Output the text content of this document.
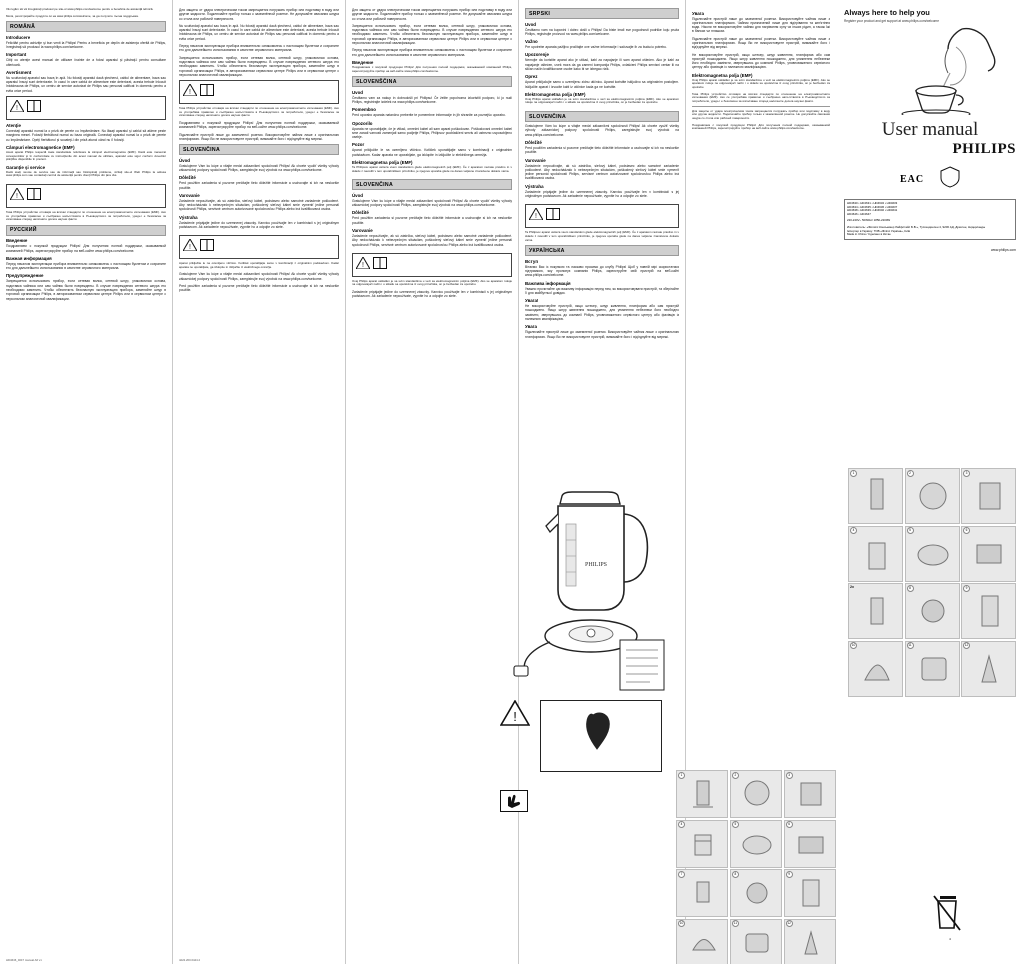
Vă rugăm să vă înregistraţi produsul pe site-ul www.philips.com/welcome pentru a beneficia de asistenţă tehnică.

Моля, регистрирайте продукта си на www.philips.com/welcome, за да получите пълна поддръжка.

ROMÂNĂ
Introducere

Felicitări pentru achiziţie şi bun venit la Philips! Pentru a beneficia pe deplin de asistenţa oferită de Philips, înregistraţi-vă produsul la www.philips.com/welcome.

Important

Citiţi cu atenţie acest manual de utilizare înainte de a folosi aparatul şi păstraţi-l pentru consultare ulterioară.

Avertisment

Nu scufundaţi aparatul sau baza în apă. Nu folosiţi aparatul dacă ştecherul, cablul de alimentare, baza sau aparatul însuşi sunt deteriorate. În cazul în care cablul de alimentare este deteriorat, acesta trebuie înlocuit întotdeauna de Philips, un centru de service autorizat de Philips sau personal calificat în domeniu pentru a evita orice pericol.

!
Atenţie

Conectaţi aparatul numai la o priză de perete cu împământare. Nu lăsaţi aparatul şi cablul să atârne peste marginea mesei. Folosiţi fierbătorul numai cu baza originală. Conectaţi aparatul numai la o priză de perete cu împământare. Opriţi fierbătorul şi scoateţi-l din priză atunci când nu îl folosiţi.

Câmpuri electromagnetice (EMF)

Acest aparat Philips respectă toate standardele referitoare la câmpuri electromagnetice (EMF). Dacă este manevrat corespunzător şi în conformitate cu instrucţiunile din acest manual de utilizare, aparatul este sigur conform dovezilor ştiinţifice disponibile în prezent.

Garanţie şi service

Dacă aveţi nevoie de service sau de informaţii sau întâmpinaţi probleme, vizitaţi site-ul Web Philips la adresa www.philips.com sau contactaţi centrul de asistenţă pentru clienţi Philips din ţara dvs.

!

Това Philips устройство отговаря на всички стандарти по отношение на електромагнитните излъчвания (EMF). Ако се употребява правилно и съобразно напътствията в Ръководството за потребителя, уредът е безопасен за използване според наличните досега научни факти.

РУССКИЙ
Введение

Поздравляем с покупкой продукции Philips! Для получения полной поддержки, оказываемой компанией Philips, зарегистрируйте прибор на веб-сайте www.philips.com/welcome.

Важная информация

Перед началом эксплуатации прибора внимательно ознакомьтесь с настоящим буклетом и сохраните его для дальнейшего использования в качестве справочного материала.

Предупреждение

Запрещается использовать прибор, если сетевая вилка, сетевой шнур, упаковочная основа, подставка чайника или сам чайник были повреждены. В случае повреждения сетевого шнура его необходимо заменить. Чтобы обеспечить безопасную эксплуатацию прибора, заменяйте шнур в торговой организации Philips, в авторизованном сервисном центре Philips или в сервисном центре с персоналом аналогичной квалификации.

HD4646_4647 manual A6 v1

Для защиты от удара электрическим током запрещается погружать прибор или подставку в воду или другие жидкости. Подключайте прибор только к заземлённой розетке. Не допускайте свисания шнура со стола или рабочей поверхности.

Nu scufundaţi aparatul sau baza în apă. Nu folosiţi aparatul dacă ştecherul, cablul de alimentare, baza sau aparatul însuşi sunt deteriorate. În cazul în care cablul de alimentare este deteriorat, acesta trebuie înlocuit întotdeauna de Philips, un centru de service autorizat de Philips sau personal calificat în domeniu pentru a evita orice pericol.

Перед началом эксплуатации прибора внимательно ознакомьтесь с настоящим буклетом и сохраните его для дальнейшего использования в качестве справочного материала.

Запрещается использовать прибор, если сетевая вилка, сетевой шнур, упаковочная основа, подставка чайника или сам чайник были повреждены. В случае повреждения сетевого шнура его необходимо заменить. Чтобы обеспечить безопасную эксплуатацию прибора, заменяйте шнур в торговой организации Philips, в авторизованном сервисном центре Philips или в сервисном центре с персоналом аналогичной квалификации.

!

Това Philips устройство отговаря на всички стандарти по отношение на електромагнитните излъчвания (EMF). Ако се употребява правилно и съобразно напътствията в Ръководството за потребителя, уредът е безопасен за използване според наличните досега научни факти.

Поздравляем с покупкой продукции Philips! Для получения полной поддержки, оказываемой компанией Philips, зарегистрируйте прибор на веб-сайте www.philips.com/welcome.

Підключайте пристрій лише до заземленої розетки. Використовуйте чайник лише з оригінальною платформою. Якщо Ви не використовуєте пристрій, вимикайте його і від'єднуйте від мережі.

SLOVENČINA
Úvod

Gratulujeme Vám ku kúpe a vitajte medzi zákazníkmi spoločnosti Philips! Ak chcete využiť všetky výhody zákazníckej podpory spoločnosti Philips, zaregistrujte svoj výrobok na www.philips.com/welcome.

Dôležité

Pred použitím zariadenia si pozorne prečítajte tieto dôležité informácie a uschovajte si ich na neskoršie použitie.

Varovanie

Zariadenie nepoužívajte, ak sú zástrčka, sieťový kábel, podstavec alebo samotné zariadenie poškodené. Aby nedochádzalo k nebezpečným situáciám, poškodený sieťový kábel smie vymeniť jedine personál spoločnosti Philips, servisné centrum autorizované spoločnosťou Philips alebo iná kvalifikovaná osoba.

Výstraha

Zariadenie pripájajte jedine do uzemnenej zásuvky. Kanvicu používajte len v kombinácii s jej originálnym podstavcom. Ak zariadenie nepoužívate, vypnite ho a odpojte zo siete.

!

Aparat priključite le na ozemljeno vtičnico. Kotliček uporabljajte samo v kombinaciji z originalnim podstavkom. Kadar aparata ne uporabljate, ga izklopite in izključite iz električnega omrežja.

Gratulujeme Vám ku kúpe a vitajte medzi zákazníkmi spoločnosti Philips! Ak chcete využiť všetky výhody zákazníckej podpory spoločnosti Philips, zaregistrujte svoj výrobok na www.philips.com/welcome.

Pred použitím zariadenia si pozorne prečítajte tieto dôležité informácie a uschovajte si ich na neskoršie použitie.

4222.200.0444.2

Для защиты от удара электрическим током запрещается погружать прибор или подставку в воду или другие жидкости. Подключайте прибор только к заземлённой розетке. Не допускайте свисания шнура со стола или рабочей поверхности.

Запрещается использовать прибор, если сетевая вилка, сетевой шнур, упаковочная основа, подставка чайника или сам чайник были повреждены. В случае повреждения сетевого шнура его необходимо заменить. Чтобы обеспечить безопасную эксплуатацию прибора, заменяйте шнур в торговой организации Philips, в авторизованном сервисном центре Philips или в сервисном центре с персоналом аналогичной квалификации.

Перед началом эксплуатации прибора внимательно ознакомьтесь с настоящим буклетом и сохраните его для дальнейшего использования в качестве справочного материала.

Введение

Поздравляем с покупкой продукции Philips! Для получения полной поддержки, оказываемой компанией Philips, зарегистрируйте прибор на веб-сайте www.philips.com/welcome.

SLOVENŠČINA
Uvod

Čestitamo vam za nakup in dobrodošli pri Philipsu! Če želite popolnoma izkoristiti podporo, ki jo nudi Philips, registrirajte izdelek na www.philips.com/welcome.

Pomembno

Pred uporabo aparata natančno preberite te pomembne informacije in jih shranite za poznejšo uporabo.

Opozorilo

Aparata ne uporabljajte, če je vtikač, omrežni kabel ali sam aparat poškodovan. Poškodovani omrežni kabel sme zaradi varnosti zamenjati samo podjetje Philips, Philipsov pooblaščeni servis ali ustrezno usposobljeno osebje.

Pozor

Aparat priključite le na ozemljeno vtičnico. Kotliček uporabljajte samo v kombinaciji z originalnim podstavkom. Kadar aparata ne uporabljate, ga izklopite in izključite iz električnega omrežja.

Elektromagnetna polja (EMF)

Ta Philipsov aparat ustreza vsem standardom glede elektromagnetnih polj (EMF). Če z aparatom ravnate pravilno in v skladu z navodili v tem uporabniškem priročniku, je njegova uporaba glede na danes veljavne znanstvene dokaze varna.

SLOVENČINA
Úvod

Gratulujeme Vám ku kúpe a vitajte medzi zákazníkmi spoločnosti Philips! Ak chcete využiť všetky výhody zákazníckej podpory spoločnosti Philips, zaregistrujte svoj výrobok na www.philips.com/welcome.

Dôležité

Pred použitím zariadenia si pozorne prečítajte tieto dôležité informácie a uschovajte si ich na neskoršie použitie.

Varovanie

Zariadenie nepoužívajte, ak sú zástrčka, sieťový kábel, podstavec alebo samotné zariadenie poškodené. Aby nedochádzalo k nebezpečným situáciám, poškodený sieťový kábel smie vymeniť jedine personál spoločnosti Philips, servisné centrum autorizované spoločnosťou Philips alebo iná kvalifikovaná osoba.

!

Ovaj Philips aparat usklađen je sa svim standardima u vezi sa elektromagnetnim poljima (EMF). Ako se aparatom rukuje na odgovarajući način i u skladu sa uputstvima iz ovog priručnika, on je bezbedan za upotrebu.

Zariadenie pripájajte jedine do uzemnenej zásuvky. Kanvicu používajte len v kombinácii s jej originálnym podstavcom. Ak zariadenie nepoužívate, vypnite ho a odpojte zo siete.

SRPSKI
Uvod

Čestitamo vam na kupovini i dobro došli u Philips! Da biste imali sve pogodnosti podrške koju pruža Philips, registrujte proizvod na www.philips.com/welcome.

Važno

Pre upotrebe aparata pažljivo pročitajte ove važne informacije i sačuvajte ih za buduću potrebu.

Upozorenje

Nemojte da koristite aparat ako je utikač, kabl za napajanje ili sam aparat oštećen. Ako je kabl za napajanje oštećen, uvek mora da ga zameni kompanija Philips, ovlašćeni Philips servisni centar ili na sličan način kvalifikovane osobe kako bi se izbegao rizik.

Oprez

Aparat priključujte samo u uzemljenu zidnu utičnicu. Aparat koristite isključivo sa originalnim postoljem. Isključite aparat i izvucite kabl iz utičnice kada ga ne koristite.

Elektromagnetna polja (EMF)

Ovaj Philips aparat usklađen je sa svim standardima u vezi sa elektromagnetnim poljima (EMF). Ako se aparatom rukuje na odgovarajući način i u skladu sa uputstvima iz ovog priručnika, on je bezbedan za upotrebu.

SLOVENČINA

Gratulujeme Vám ku kúpe a vitajte medzi zákazníkmi spoločnosti Philips! Ak chcete využiť všetky výhody zákazníckej podpory spoločnosti Philips, zaregistrujte svoj výrobok na www.philips.com/welcome.

Dôležité

Pred použitím zariadenia si pozorne prečítajte tieto dôležité informácie a uschovajte si ich na neskoršie použitie.

Varovanie

Zariadenie nepoužívajte, ak sú zástrčka, sieťový kábel, podstavec alebo samotné zariadenie poškodené. Aby nedochádzalo k nebezpečným situáciám, poškodený sieťový kábel smie vymeniť jedine personál spoločnosti Philips, servisné centrum autorizované spoločnosťou Philips alebo iná kvalifikovaná osoba.

Výstraha

Zariadenie pripájajte jedine do uzemnenej zásuvky. Kanvicu používajte len v kombinácii s jej originálnym podstavcom. Ak zariadenie nepoužívate, vypnite ho a odpojte zo siete.

!

Ta Philipsov aparat ustreza vsem standardom glede elektromagnetnih polj (EMF). Če z aparatom ravnate pravilno in v skladu z navodili v tem uporabniškem priročniku, je njegova uporaba glede na danes veljavne znanstvene dokaze varna.

УКРАЇНСЬКА
Вступ

Вітаємо Вас із покупкою та ласкаво просимо до клубу Philips! Щоб у повній мірі скористатися підтримкою, яку пропонує компанія Philips, зареєструйте свій пристрій на веб-сайті www.philips.com/welcome.

Важлива інформація

Уважно прочитайте цю важливу інформацію перед тим, як використовувати пристрій, та зберігайте її для майбутньої довідки.

Увага!

Не використовуйте пристрій, якщо штекер, шнур живлення, платформа або сам пристрій пошкоджено. Якщо шнур живлення пошкоджено, для уникнення небезпеки його необхідно замінити, звернувшись до компанії Philips, уповноваженого сервісного центру або фахівців із належною кваліфікацією.

Увага

Підключайте пристрій лише до заземленої розетки. Використовуйте чайник лише з оригінальною платформою. Якщо Ви не використовуєте пристрій, вимикайте його і від'єднуйте від мережі.

Увага

Підключайте пристрій лише до заземленої розетки. Використовуйте чайник лише з оригінальною платформою. Чайник призначений лише для підігрівання та кип'ятіння води. Ніколи не використовуйте чайник для нагрівання супу чи інших рідин, а також їжі в банках чи пляшках.

Підключайте пристрій лише до заземленої розетки. Використовуйте чайник лише з оригінальною платформою. Якщо Ви не використовуєте пристрій, вимикайте його і від'єднуйте від мережі.

Не використовуйте пристрій, якщо штекер, шнур живлення, платформа або сам пристрій пошкоджено. Якщо шнур живлення пошкоджено, для уникнення небезпеки його необхідно замінити, звернувшись до компанії Philips, уповноваженого сервісного центру або фахівців із належною кваліфікацією.

Elektromagnetna polja (EMF)

Ovaj Philips aparat usklađen je sa svim standardima u vezi sa elektromagnetnim poljima (EMF). Ako se aparatom rukuje na odgovarajući način i u skladu sa uputstvima iz ovog priručnika, on je bezbedan za upotrebu.

Това Philips устройство отговаря на всички стандарти по отношение на електромагнитните излъчвания (EMF). Ако се употребява правилно и съобразно напътствията в Ръководството за потребителя, уредът е безопасен за използване според наличните досега научни факти.

Для защиты от удара электрическим током запрещается погружать прибор или подставку в воду или другие жидкости. Подключайте прибор только к заземлённой розетке. Не допускайте свисания шнура со стола или рабочей поверхности.

Поздравляем с покупкой продукции Philips! Для получения полной поддержки, оказываемой компанией Philips, зарегистрируйте прибор на веб-сайте www.philips.com/welcome.

Always here to help you
Register your product and get support at www.philips.com/welcome
User manual
PHILIPS
EAC
HD4630 • HD4631 • HD4632 • HD4633
HD4634 • HD4635 • HD4636 • HD4637
HD4638 • HD4639 • HD4640 • HD4641
HD4646 • HD4647
220-240V~ 50/60Hz 1850-2200W
Изготовитель: «Филипс Консьюмер Лайфстайл Б.В.», Туссендиепен 4, 9206 АД, Драхтен, Нидерланды
Імпортер в Україну: ТОВ «Філіпс Україна», Київ
Made in China / Сделано в Китае
www.philips.com
PHILIPS
!
4
1	2	3
4	5	6
7	8	9
10	11	12
1	2	3
4	5	6
2x	8	9
10	11	12
